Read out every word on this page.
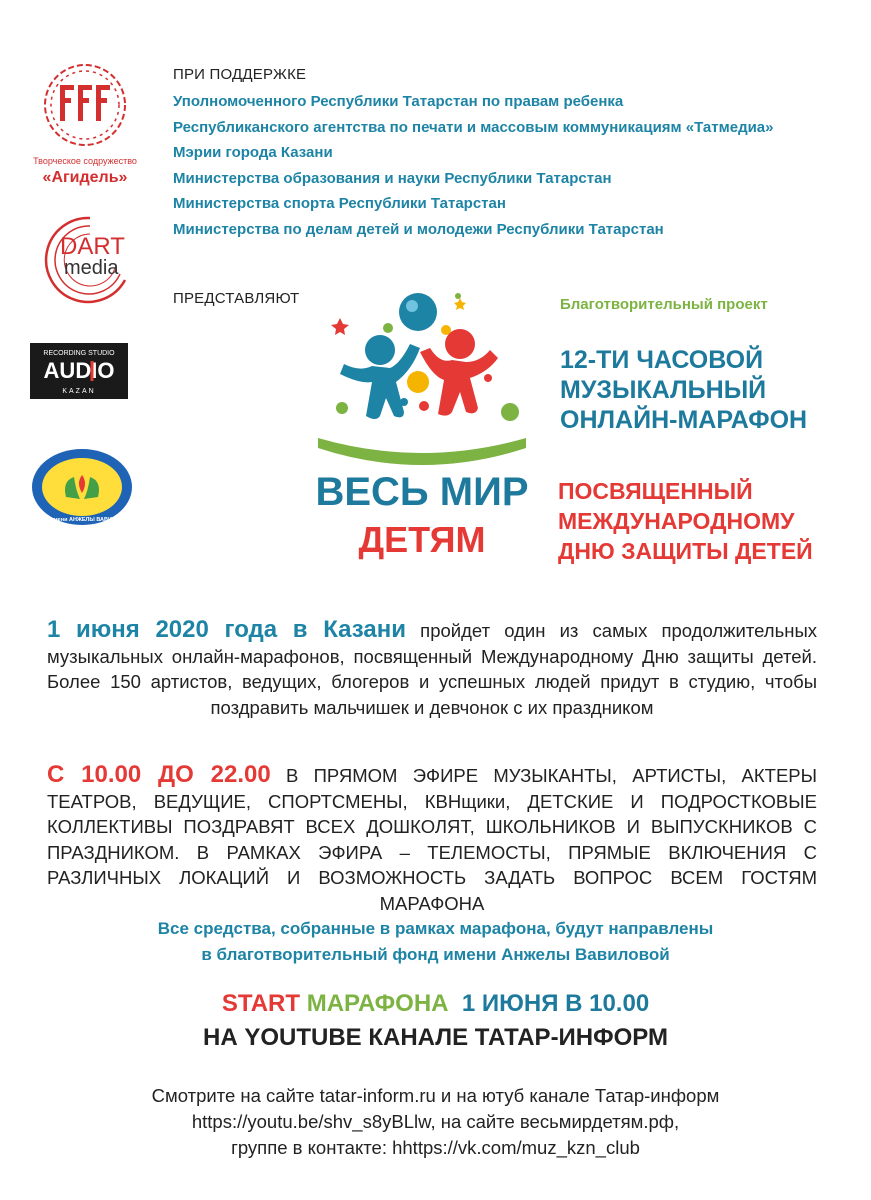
Творческое содружество
«Агидель»
DART
media
RECORDING STUDIO
AUDIO
KAZAN
ФОНД имени АНЖЕЛЫ ВАВИЛОВОЙ
ПРИ ПОДДЕРЖКЕ
Уполномоченного Республики Татарстан по правам ребенка
Республиканского агентства по печати и массовым коммуникациям «Татмедиа»
Мэрии города Казани
Министерства образования и науки Республики Татарстан
Министерства спорта Республики Татарстан
Министерства по делам детей и молодежи Республики Татарстан
ПРЕДСТАВЛЯЮТ
ВЕСЬ МИР
ДЕТЯМ
Благотворительный проект
12-ТИ ЧАСОВОЙ
МУЗЫКАЛЬНЫЙ
ОНЛАЙН-МАРАФОН
ПОСВЯЩЕННЫЙ
МЕЖДУНАРОДНОМУ
ДНЮ ЗАЩИТЫ ДЕТЕЙ
1 июня 2020 года в Казани пройдет один из самых продолжительных музыкальных онлайн-марафонов, посвященный Международному Дню защиты детей. Более 150 артистов, ведущих, блогеров и успешных людей придут в студию, чтобы поздравить мальчишек и девчонок с их праздником
С 10.00 ДО 22.00 В ПРЯМОМ ЭФИРЕ МУЗЫКАНТЫ, АРТИСТЫ, АКТЕРЫ ТЕАТРОВ, ВЕДУЩИЕ, СПОРТСМЕНЫ, КВНщики, ДЕТСКИЕ И ПОДРОСТКОВЫЕ КОЛЛЕКТИВЫ ПОЗДРАВЯТ ВСЕХ ДОШКОЛЯТ, ШКОЛЬНИКОВ И ВЫПУСКНИКОВ С ПРАЗДНИКОМ. В РАМКАХ ЭФИРА – ТЕЛЕМОСТЫ, ПРЯМЫЕ ВКЛЮЧЕНИЯ С РАЗЛИЧНЫХ ЛОКАЦИЙ И ВОЗМОЖНОСТЬ ЗАДАТЬ ВОПРОС ВСЕМ ГОСТЯМ МАРАФОНА
Все средства, собранные в рамках марафона, будут направлены
в благотворительный фонд имени Анжелы Вавиловой
START МАРАФОНА 1 ИЮНЯ В 10.00
НА YOUTUBE КАНАЛЕ ТАТАР-ИНФОРМ
Смотрите на сайте tatar-inform.ru и на ютуб канале Татар-информ
https://youtu.be/shv_s8yBLlw, на сайте весьмирдетям.рф,
группе в контакте: hhttps://vk.com/muz_kzn_club
